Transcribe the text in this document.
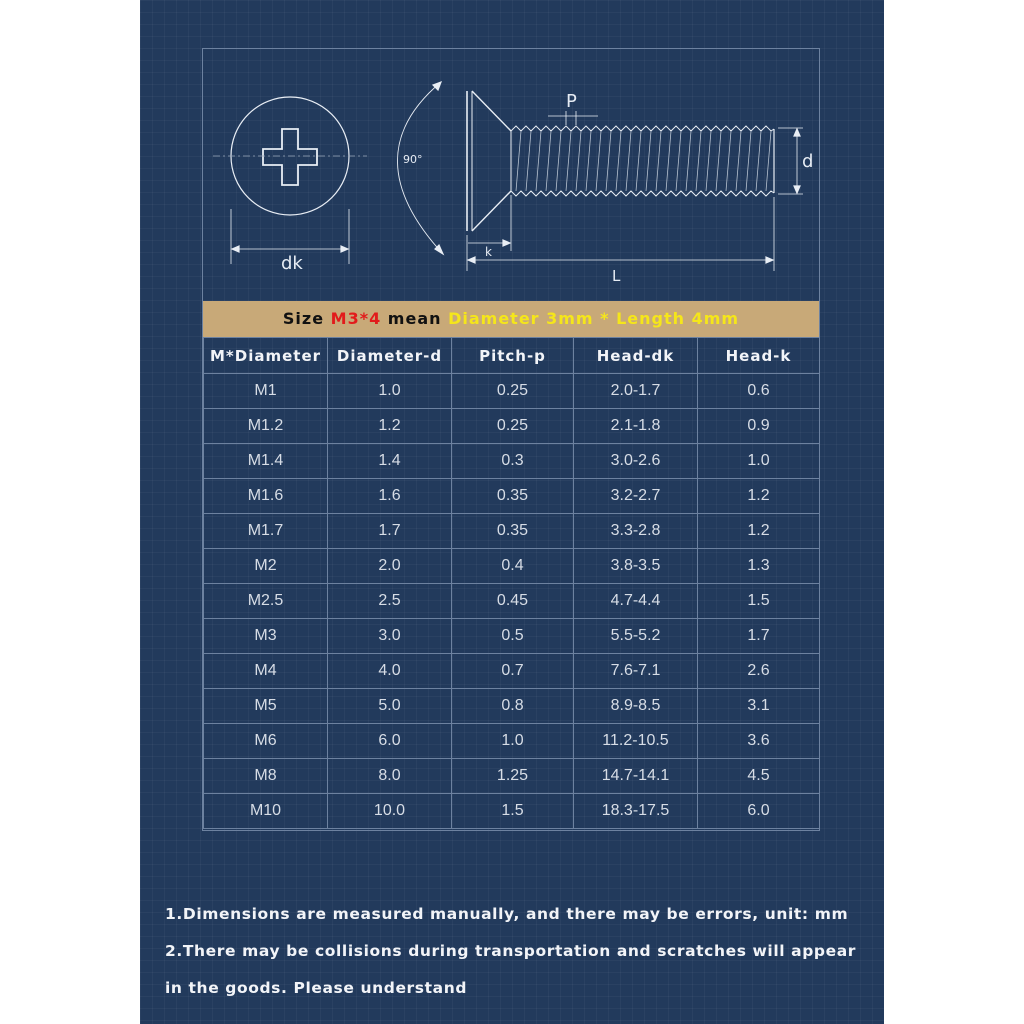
dk
90°
P
d
k
L
Size M3*4 mean Diameter 3mm * Length 4mm
M*Diameter	Diameter-d	Pitch-p	Head-dk	Head-k
M1	1.0	0.25	2.0-1.7	0.6
M1.2	1.2	0.25	2.1-1.8	0.9
M1.4	1.4	0.3	3.0-2.6	1.0
M1.6	1.6	0.35	3.2-2.7	1.2
M1.7	1.7	0.35	3.3-2.8	1.2
M2	2.0	0.4	3.8-3.5	1.3
M2.5	2.5	0.45	4.7-4.4	1.5
M3	3.0	0.5	5.5-5.2	1.7
M4	4.0	0.7	7.6-7.1	2.6
M5	5.0	0.8	8.9-8.5	3.1
M6	6.0	1.0	11.2-10.5	3.6
M8	8.0	1.25	14.7-14.1	4.5
M10	10.0	1.5	18.3-17.5	6.0

1.Dimensions are measured manually, and there may be errors, unit: mm

2.There may be collisions during transportation and scratches will appear

in the goods. Please understand
